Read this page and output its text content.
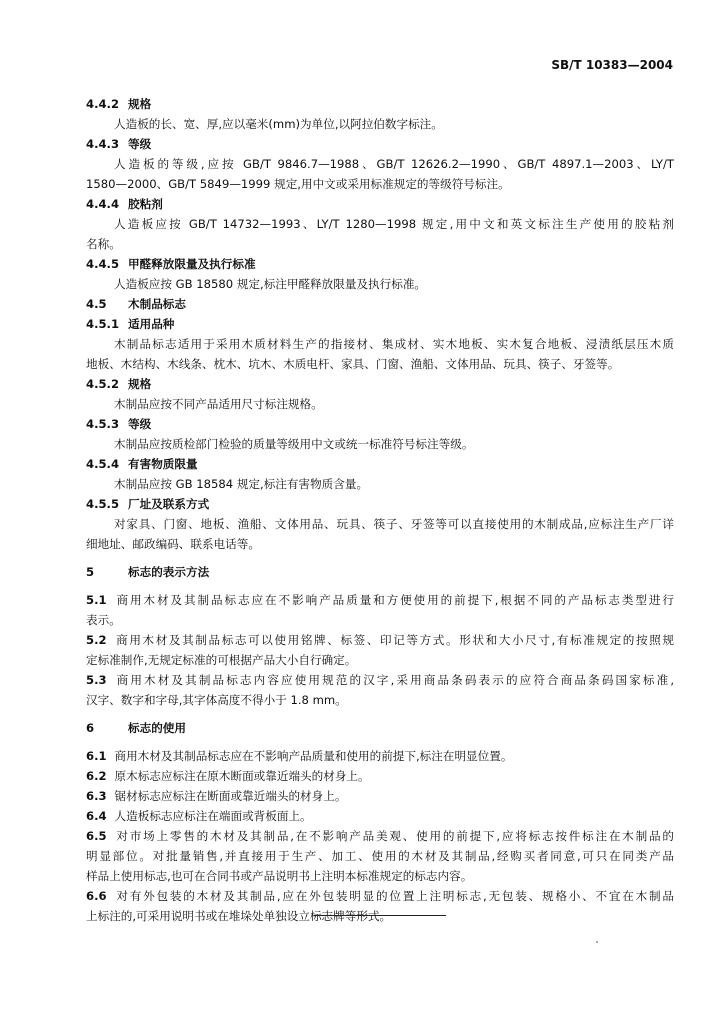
SB/T 10383—2004
4.4.2 规格
人造板的长、宽、厚,应以毫米(mm)为单位,以阿拉伯数字标注。
4.4.3 等级
人造板的等级,应按 GB/T 9846.7—1988、GB/T 12626.2—1990、GB/T 4897.1—2003、LY/T
1580—2000、GB/T 5849—1999 规定,用中文或采用标准规定的等级符号标注。
4.4.4 胶粘剂
人造板应按 GB/T 14732—1993、LY/T 1280—1998 规定,用中文和英文标注生产使用的胶粘剂
名称。
4.4.5 甲醛释放限量及执行标准
人造板应按 GB 18580 规定,标注甲醛释放限量及执行标准。
4.5 木制品标志
4.5.1 适用品种
木制品标志适用于采用木质材料生产的指接材、集成材、实木地板、实木复合地板、浸渍纸层压木质
地板、木结构、木线条、枕木、坑木、木质电杆、家具、门窗、渔船、文体用品、玩具、筷子、牙签等。
4.5.2 规格
木制品应按不同产品适用尺寸标注规格。
4.5.3 等级
木制品应按质检部门检验的质量等级用中文或统一标准符号标注等级。
4.5.4 有害物质限量
木制品应按 GB 18584 规定,标注有害物质含量。
4.5.5 厂址及联系方式
对家具、门窗、地板、渔船、文体用品、玩具、筷子、牙签等可以直接使用的木制成品,应标注生产厂详
细地址、邮政编码、联系电话等。
5	标志的表示方法
5.1 商用木材及其制品标志应在不影响产品质量和方便使用的前提下,根据不同的产品标志类型进行
表示。
5.2 商用木材及其制品标志可以使用铭牌、标签、印记等方式。形状和大小尺寸,有标准规定的按照规
定标准制作,无规定标准的可根据产品大小自行确定。
5.3 商用木材及其制品标志内容应使用规范的汉字,采用商品条码表示的应符合商品条码国家标准,
汉字、数字和字母,其字体高度不得小于 1.8 mm。
6	标志的使用
6.1 商用木材及其制品标志应在不影响产品质量和使用的前提下,标注在明显位置。
6.2 原木标志应标注在原木断面或靠近端头的材身上。
6.3 锯材标志应标注在断面或靠近端头的材身上。
6.4 人造板标志应标注在端面或背板面上。
6.5 对市场上零售的木材及其制品,在不影响产品美观、使用的前提下,应将标志按件标注在木制品的
明显部位。对批量销售,并直接用于生产、加工、使用的木材及其制品,经购买者同意,可只在同类产品
样品上使用标志,也可在合同书或产品说明书上注明本标准规定的标志内容。
6.6 对有外包装的木材及其制品,应在外包装明显的位置上注明标志,无包装、规格小、不宜在木制品
上标注的,可采用说明书或在堆垛处单独设立标志牌等形式。
